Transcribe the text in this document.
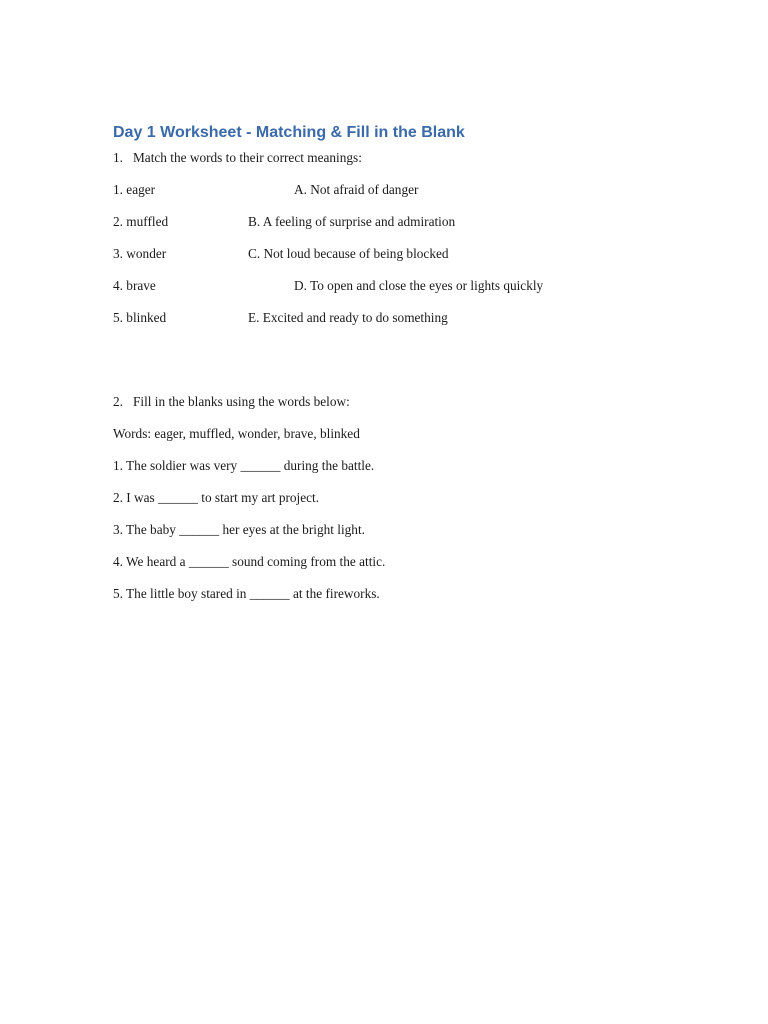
Day 1 Worksheet - Matching & Fill in the Blank
1. Match the words to their correct meanings:
1. eager	A. Not afraid of danger
2. muffled	B. A feeling of surprise and admiration
3. wonder	C. Not loud because of being blocked
4. brave	D. To open and close the eyes or lights quickly
5. blinked	E. Excited and ready to do something
2. Fill in the blanks using the words below:
Words: eager, muffled, wonder, brave, blinked
1. The soldier was very ______ during the battle.
2. I was ______ to start my art project.
3. The baby ______ her eyes at the bright light.
4. We heard a ______ sound coming from the attic.
5. The little boy stared in ______ at the fireworks.
